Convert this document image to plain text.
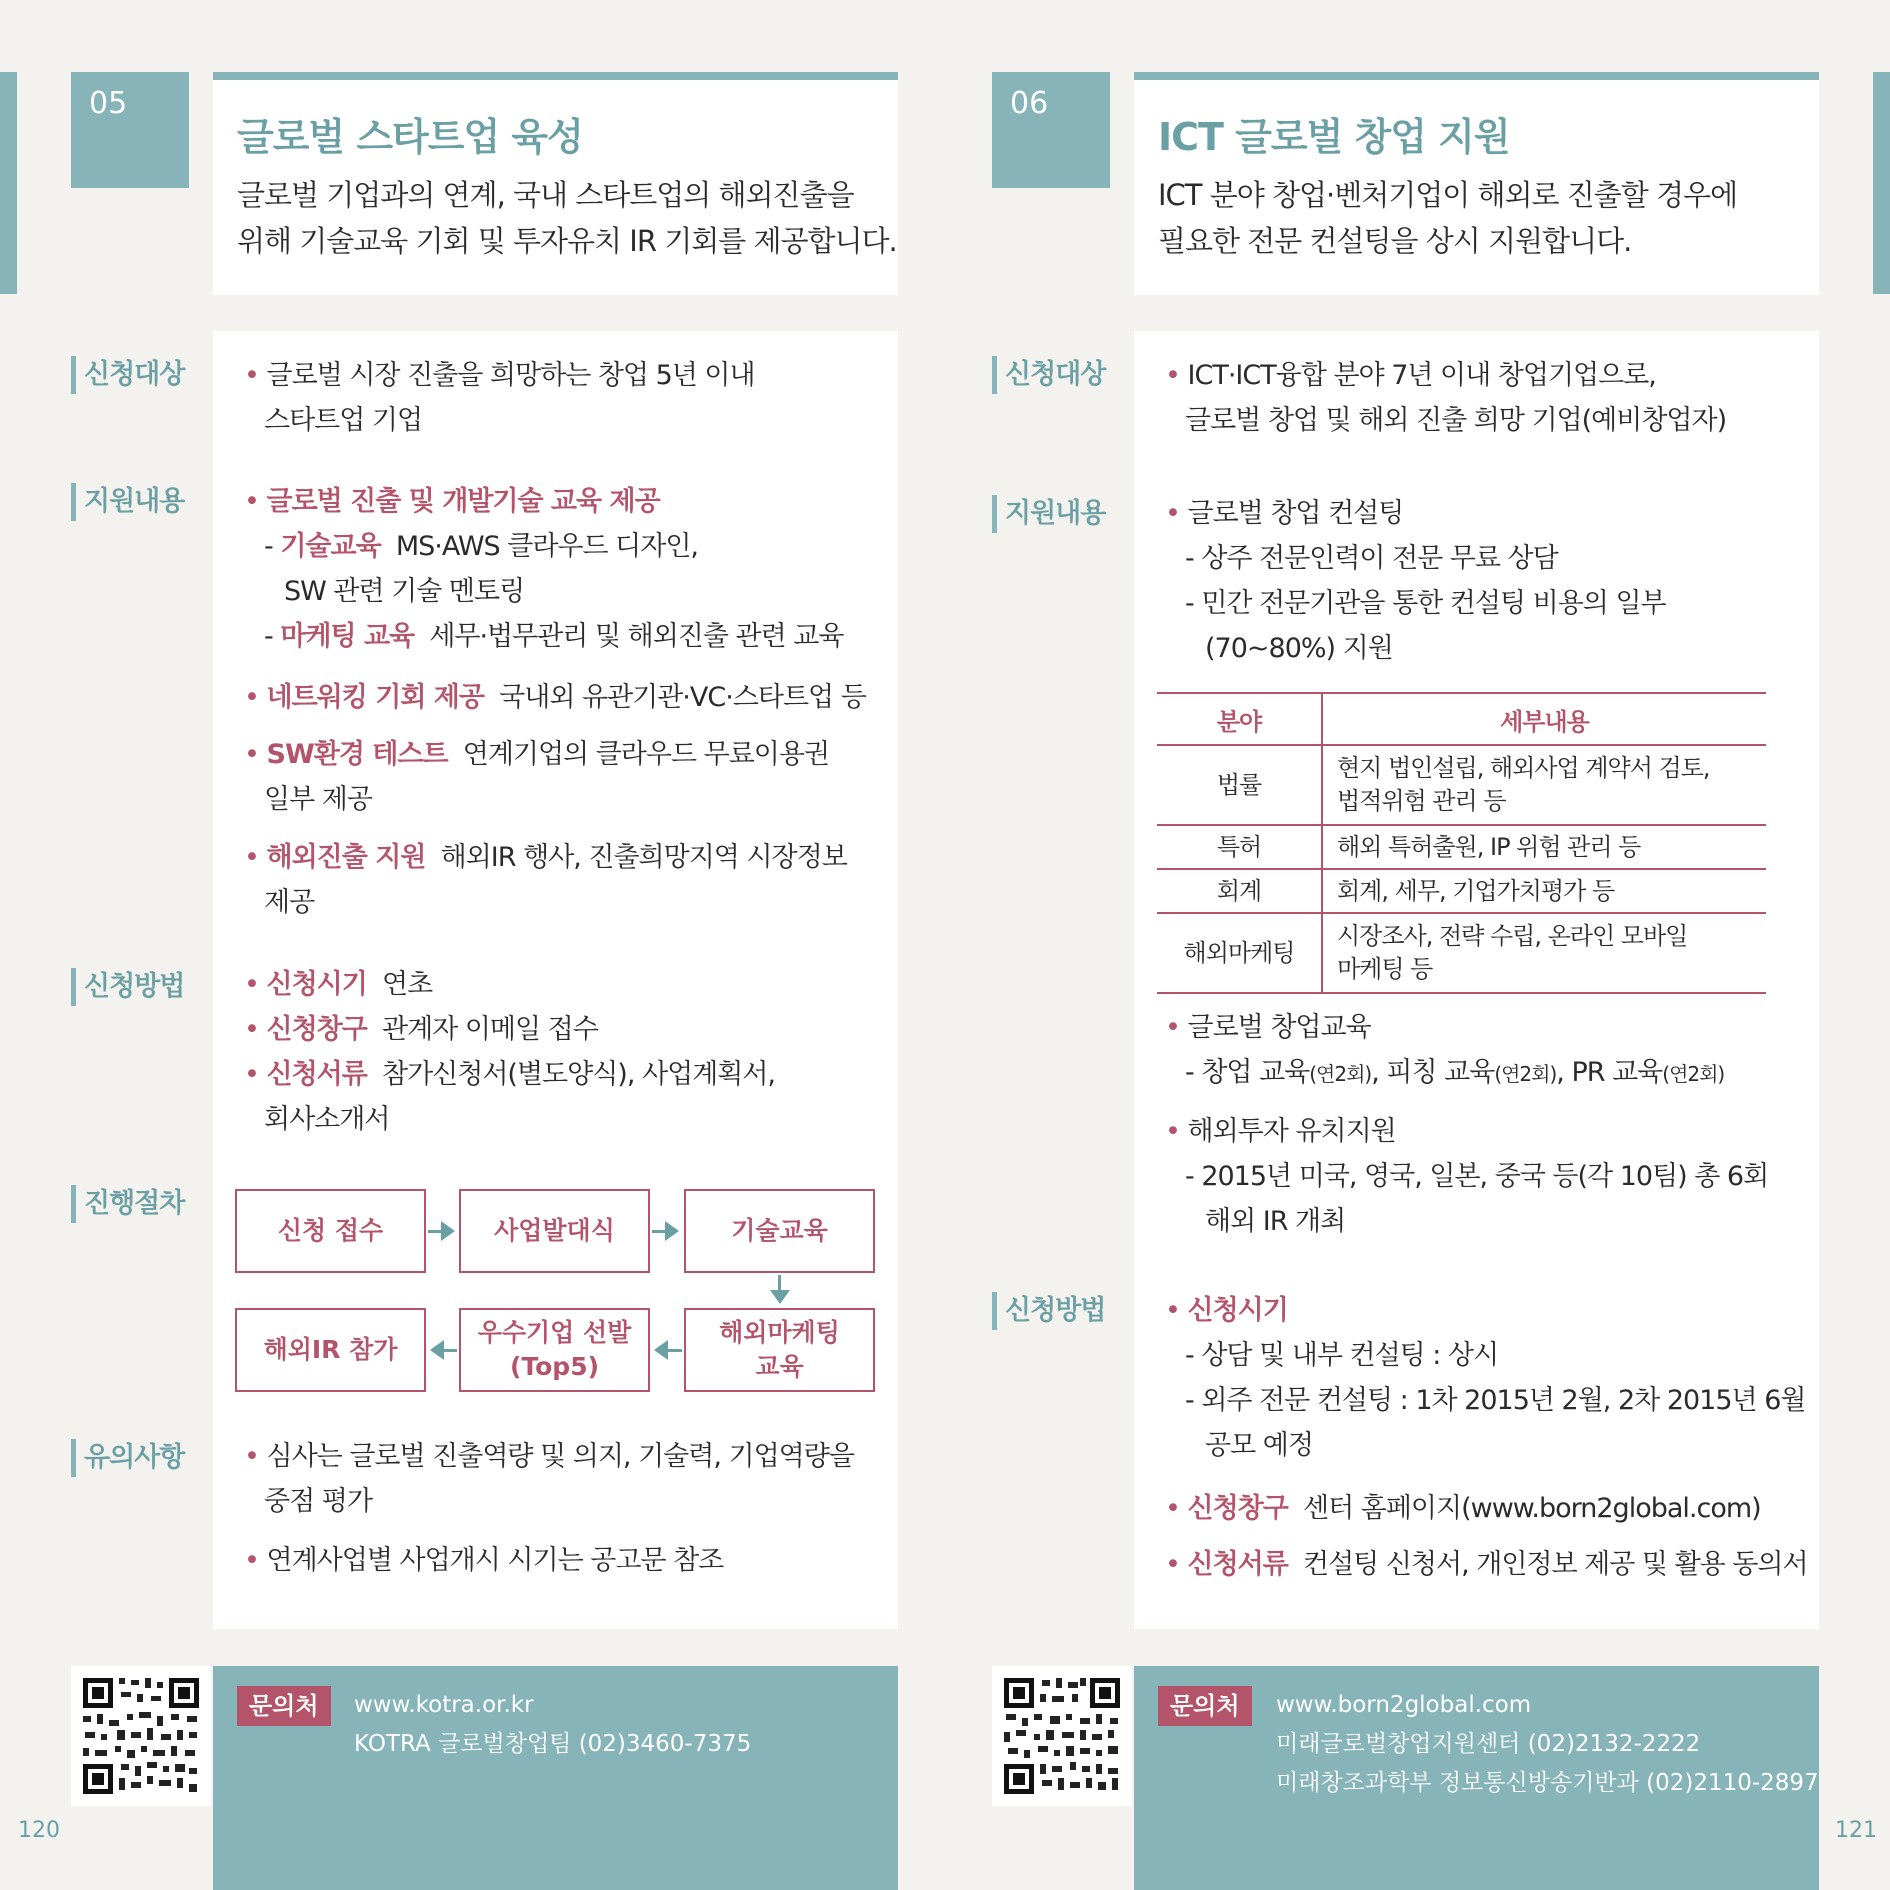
05
글로벌 스타트업 육성
글로벌 기업과의 연계, 국내 스타트업의 해외진출을
위해 기술교육 기회 및 투자유치 IR 기회를 제공합니다.
신청대상
지원내용
신청방법
진행절차
유의사항
• 글로벌 시장 진출을 희망하는 창업 5년 이내
스타트업 기업
• 글로벌 진출 및 개발기술 교육 제공
- 기술교육 MS·AWS 클라우드 디자인,
SW 관련 기술 멘토링
- 마케팅 교육 세무·법무관리 및 해외진출 관련 교육
• 네트워킹 기회 제공 국내외 유관기관·VC·스타트업 등
• SW환경 테스트 연계기업의 클라우드 무료이용권
일부 제공
• 해외진출 지원 해외IR 행사, 진출희망지역 시장정보
제공
• 신청시기 연초
• 신청창구 관계자 이메일 접수
• 신청서류 참가신청서(별도양식), 사업계획서,
회사소개서
신청 접수	사업발대식	기술교육
해외마케팅
교육
우수기업 선발
(Top5)
해외IR 참가
• 심사는 글로벌 진출역량 및 의지, 기술력, 기업역량을
중점 평가
• 연계사업별 사업개시 시기는 공고문 참조
문의처	www.kotra.or.kr
KOTRA 글로벌창업팀 (02)3460-7375
120
06
ICT 글로벌 창업 지원
ICT 분야 창업·벤처기업이 해외로 진출할 경우에
필요한 전문 컨설팅을 상시 지원합니다.
신청대상
지원내용
신청방법
• ICT·ICT융합 분야 7년 이내 창업기업으로,
글로벌 창업 및 해외 진출 희망 기업(예비창업자)
• 글로벌 창업 컨설팅
- 상주 전문인력이 전문 무료 상담
- 민간 전문기관을 통한 컨설팅 비용의 일부
(70~80%) 지원
분야	세부내용
법률	현지 법인설립, 해외사업 계약서 검토,
법적위험 관리 등

특허	해외 특허출원, IP 위험 관리 등
회계	회계, 세무, 기업가치평가 등
해외마케팅	시장조사, 전략 수립, 온라인 모바일
마케팅 등
• 글로벌 창업교육
- 창업 교육(연2회), 피칭 교육(연2회), PR 교육(연2회)
• 해외투자 유치지원
- 2015년 미국, 영국, 일본, 중국 등(각 10팀) 총 6회
해외 IR 개최
• 신청시기
- 상담 및 내부 컨설팅 : 상시
- 외주 전문 컨설팅 : 1차 2015년 2월, 2차 2015년 6월
공모 예정
• 신청창구 센터 홈페이지(www.born2global.com)
• 신청서류 컨설팅 신청서, 개인정보 제공 및 활용 동의서
문의처	www.born2global.com
미래글로벌창업지원센터 (02)2132-2222
미래창조과학부 정보통신방송기반과 (02)2110-2897
121
